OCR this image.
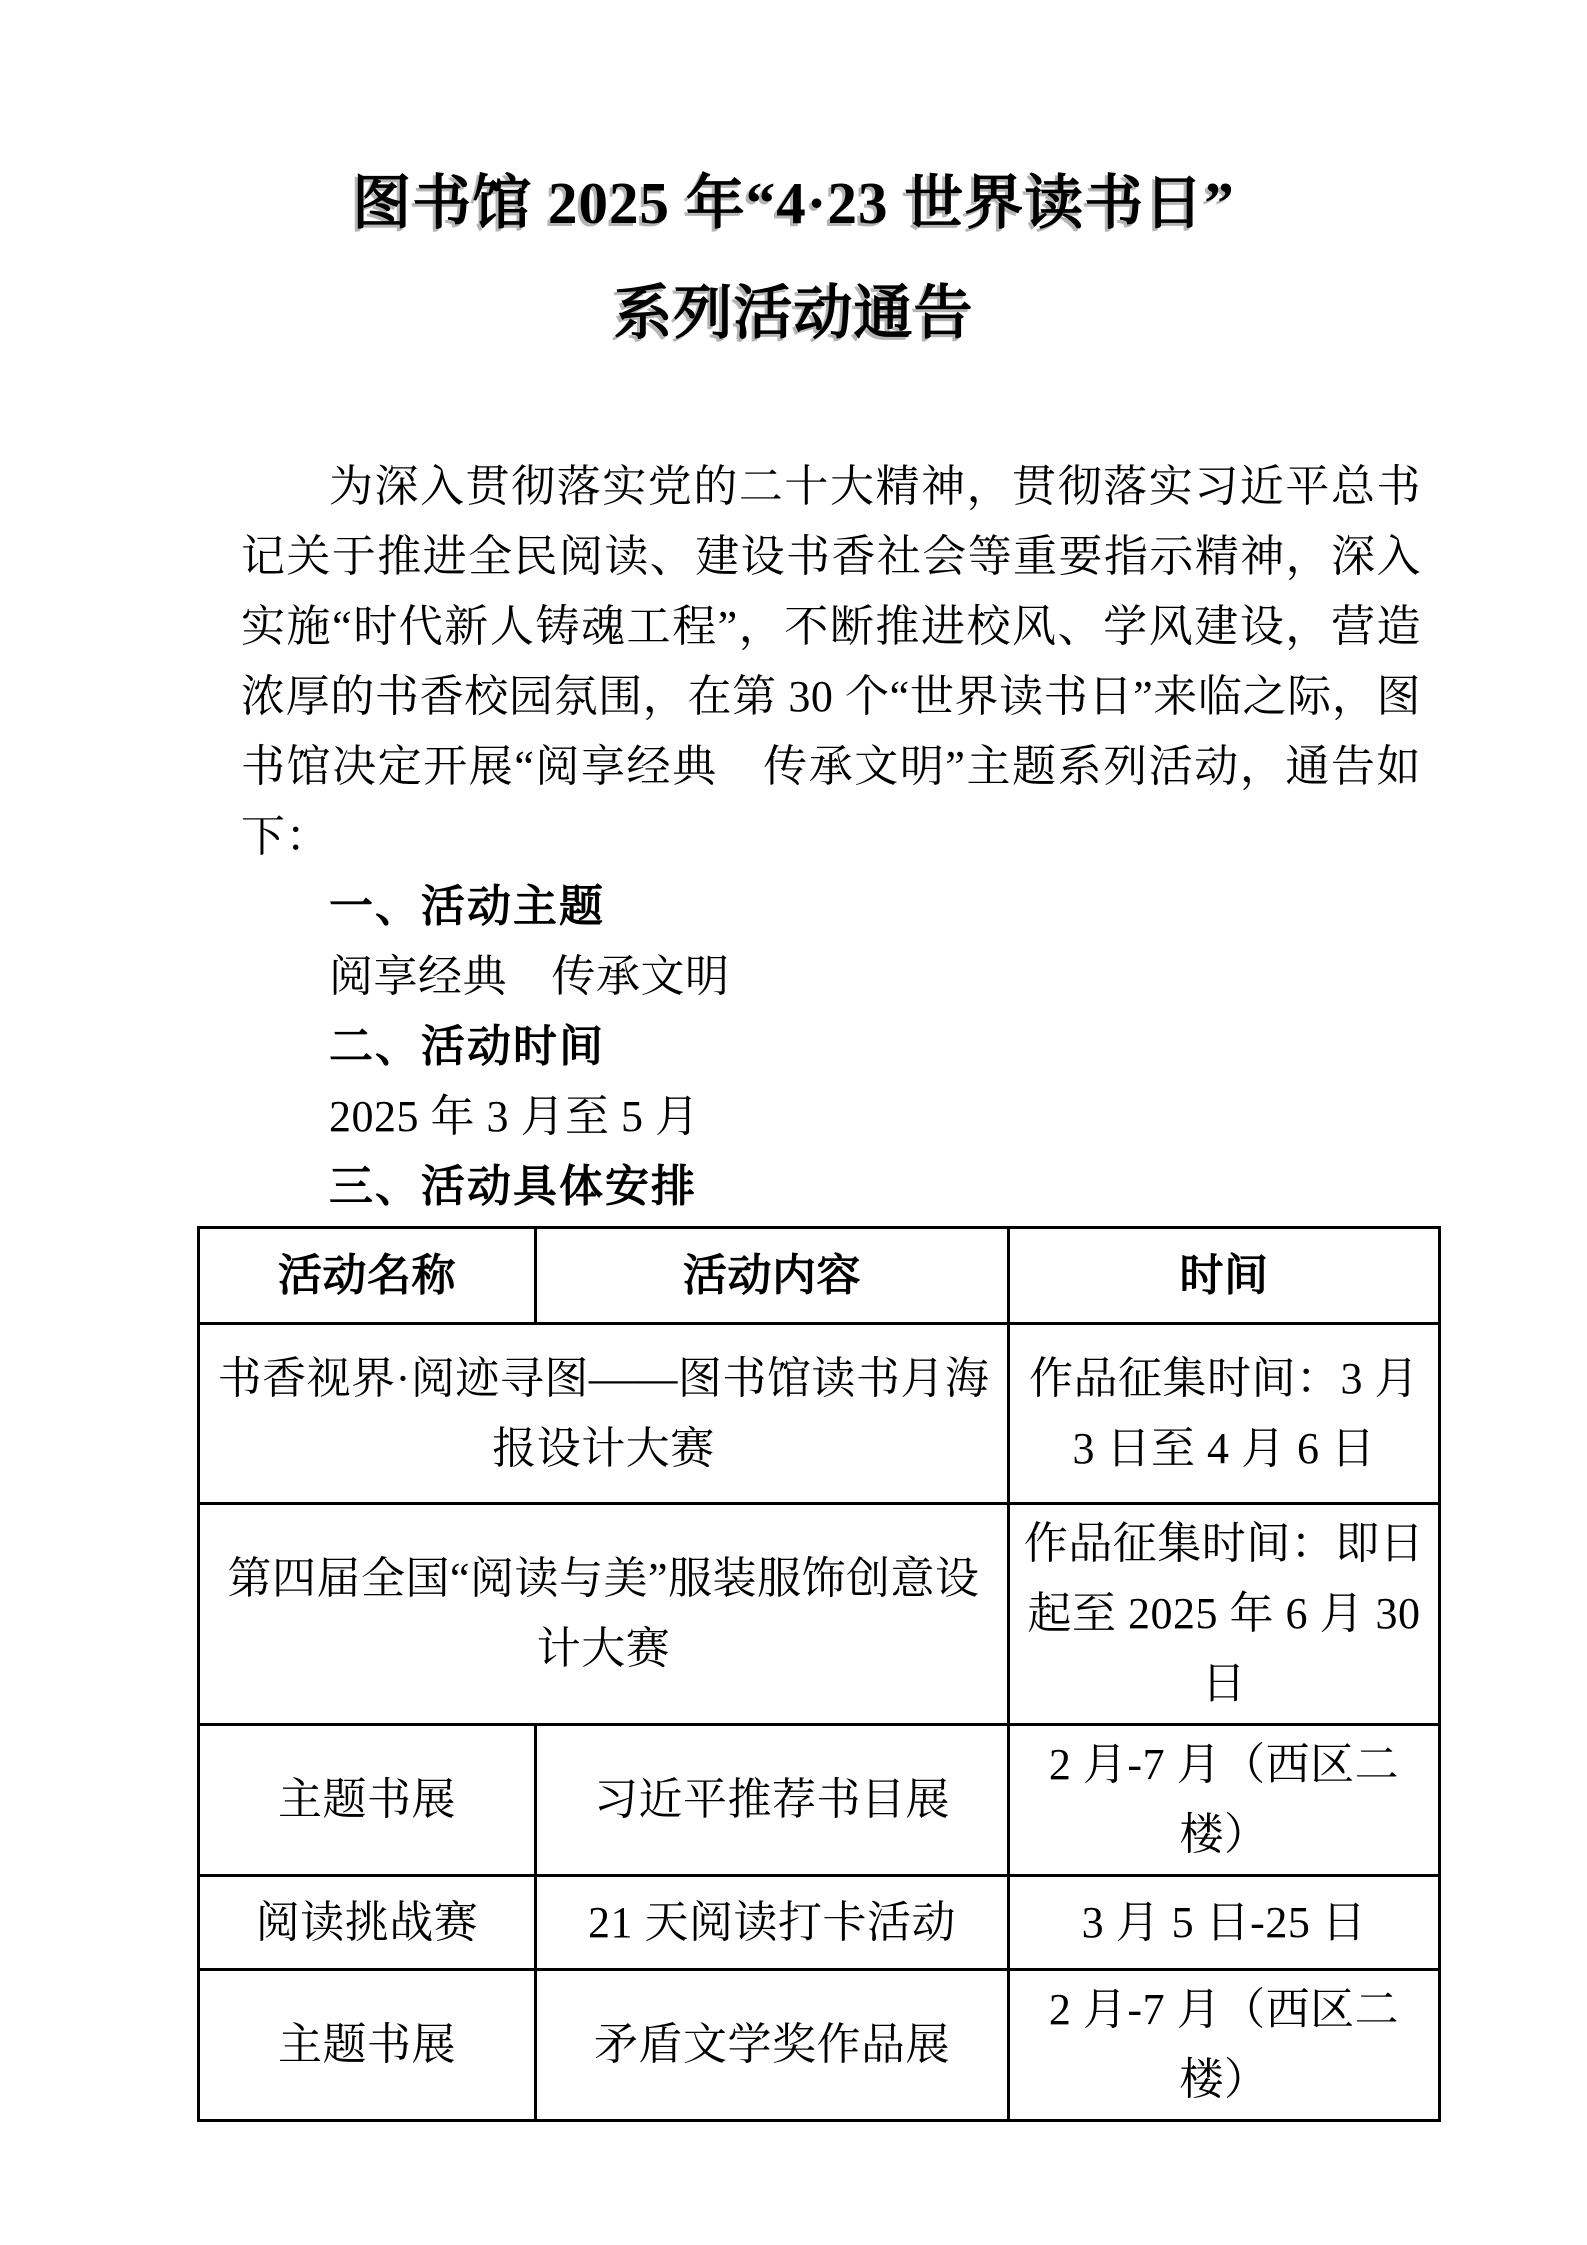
图书馆 2025 年“4·23 世界读书日”
系列活动通告

为深入贯彻落实党的二十大精神，贯彻落实习近平总书记关于推进全民阅读、建设书香社会等重要指示精神，深入实施“时代新人铸魂工程”，不断推进校风、学风建设，营造浓厚的书香校园氛围，在第 30 个“世界读书日”来临之际，图书馆决定开展“阅享经典　传承文明”主题系列活动，通告如下：

一、活动主题
阅享经典　传承文明
二、活动时间
2025 年 3 月至 5 月
三、活动具体安排
活动名称	活动内容	时间
书香视界·阅迹寻图——图书馆读书月海报设计大赛		作品征集时间：3 月 3 日至 4 月 6 日
第四届全国“阅读与美”服装服饰创意设计大赛		作品征集时间：即日起至 2025 年 6 月 30 日
主题书展	习近平推荐书目展	2 月-7 月（西区二楼）
阅读挑战赛	21 天阅读打卡活动	3 月 5 日-25 日
主题书展	矛盾文学奖作品展	2 月-7 月（西区二楼）
